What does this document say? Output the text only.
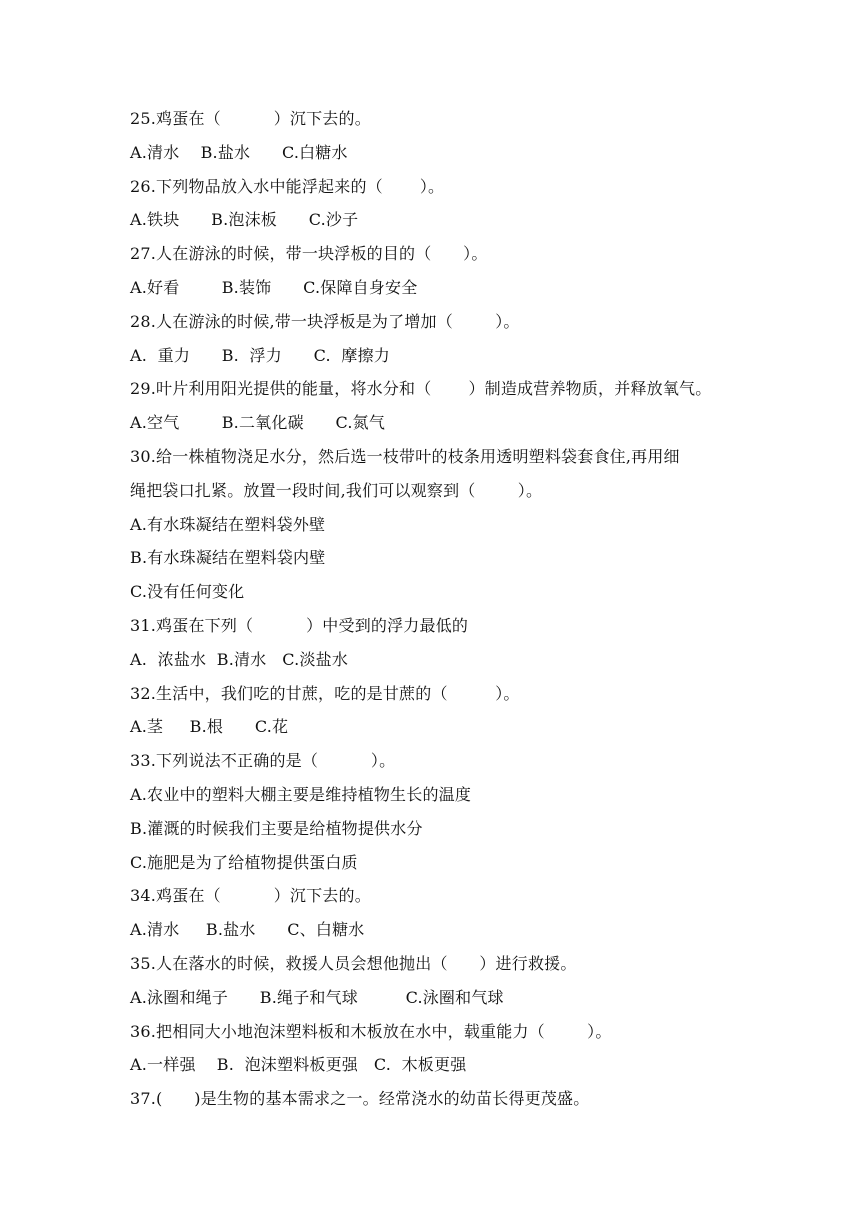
25.鸡蛋在（          ）沉下去的。
A.清水    B.盐水      C.白糖水
26.下列物品放入水中能浮起来的（       ）。
A.铁块      B.泡沫板      C.沙子
27.人在游泳的时候，带一块浮板的目的（      ）。
A.好看        B.装饰      C.保障自身安全
28.人在游泳的时候,带一块浮板是为了增加（        ）。
A.  重力      B.  浮力      C.  摩擦力
29.叶片利用阳光提供的能量，将水分和（       ）制造成营养物质，并释放氧气。
A.空气        B.二氧化碳      C.氮气
30.给一株植物浇足水分，然后选一枝带叶的枝条用透明塑料袋套食住,再用细
绳把袋口扎紧。放置一段时间,我们可以观察到（        ）。
A.有水珠凝结在塑料袋外壁
B.有水珠凝结在塑料袋内壁
C.没有任何变化
31.鸡蛋在下列（          ）中受到的浮力最低的
A.  浓盐水  B.清水   C.淡盐水
32.生活中，我们吃的甘蔗，吃的是甘蔗的（         ）。
A.茎     B.根      C.花
33.下列说法不正确的是（          ）。
A.农业中的塑料大棚主要是维持植物生长的温度
B.灌溉的时候我们主要是给植物提供水分
C.施肥是为了给植物提供蛋白质
34.鸡蛋在（          ）沉下去的。
A.清水     B.盐水      C、白糖水
35.人在落水的时候，救援人员会想他抛出（      ）进行救援。
A.泳圈和绳子      B.绳子和气球         C.泳圈和气球
36.把相同大小地泡沫塑料板和木板放在水中，载重能力（        ）。
A.一样强    B.  泡沫塑料板更强   C.  木板更强
37.(      )是生物的基本需求之一。经常浇水的幼苗长得更茂盛。
